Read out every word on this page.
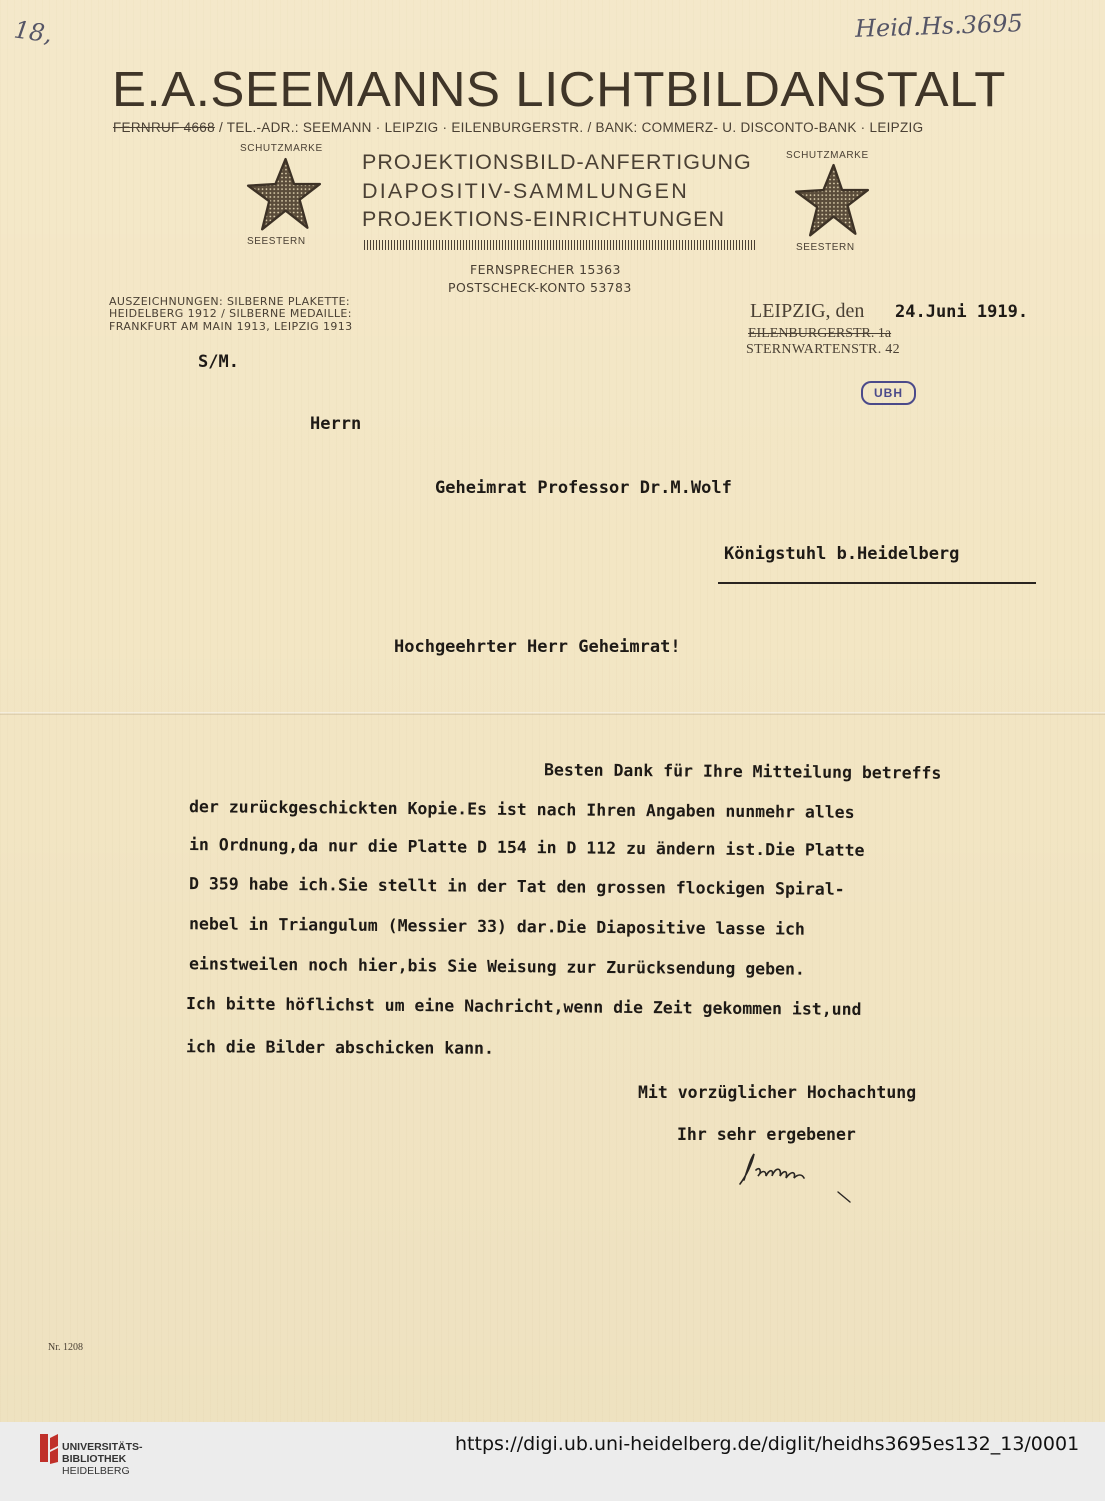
18,	Heid.Hs.3695
E.A.SEEMANNS LICHTBILDANSTALT
FERNRUF 4668 / TEL.-ADR.: SEEMANN · LEIPZIG · EILENBURGERSTR. / BANK: COMMERZ- U. DISCONTO-BANK · LEIPZIG
SCHUTZMARKE
SEESTERN
PROJEKTIONSBILD-ANFERTIGUNG
DIAPOSITIV-SAMMLUNGEN
PROJEKTIONS-EINRICHTUNGEN
SCHUTZMARKE
SEESTERN
FERNSPRECHER 15363
POSTSCHECK-KONTO 53783
AUSZEICHNUNGEN: SILBERNE PLAKETTE:
HEIDELBERG 1912 / SILBERNE MEDAILLE:
FRANKFURT AM MAIN 1913, LEIPZIG 1913
LEIPZIG, den 24.Juni 1919.
EILENBURGERSTR. 1a
STERNWARTENSTR. 42
S/M.
UBH
Herrn
Geheimrat Professor Dr.M.Wolf
Königstuhl b.Heidelberg
Hochgeehrter Herr Geheimrat!
Besten Dank für Ihre Mitteilung betreffs
der zurückgeschickten Kopie.Es ist nach Ihren Angaben nunmehr alles
in Ordnung,da nur die Platte D 154 in D 112 zu ändern ist.Die Platte
D 359 habe ich.Sie stellt in der Tat den grossen flockigen Spiral-
nebel in Triangulum (Messier 33) dar.Die Diapositive lasse ich
einstweilen noch hier,bis Sie Weisung zur Zurücksendung geben.
Ich bitte höflichst um eine Nachricht,wenn die Zeit gekommen ist,und
ich die Bilder abschicken kann.
Mit vorzüglicher Hochachtung
Ihr sehr ergebener
Nr. 1208
UNIVERSITÄTS-
BIBLIOTHEK
HEIDELBERG
https://digi.ub.uni-heidelberg.de/diglit/heidhs3695es132_13/0001
